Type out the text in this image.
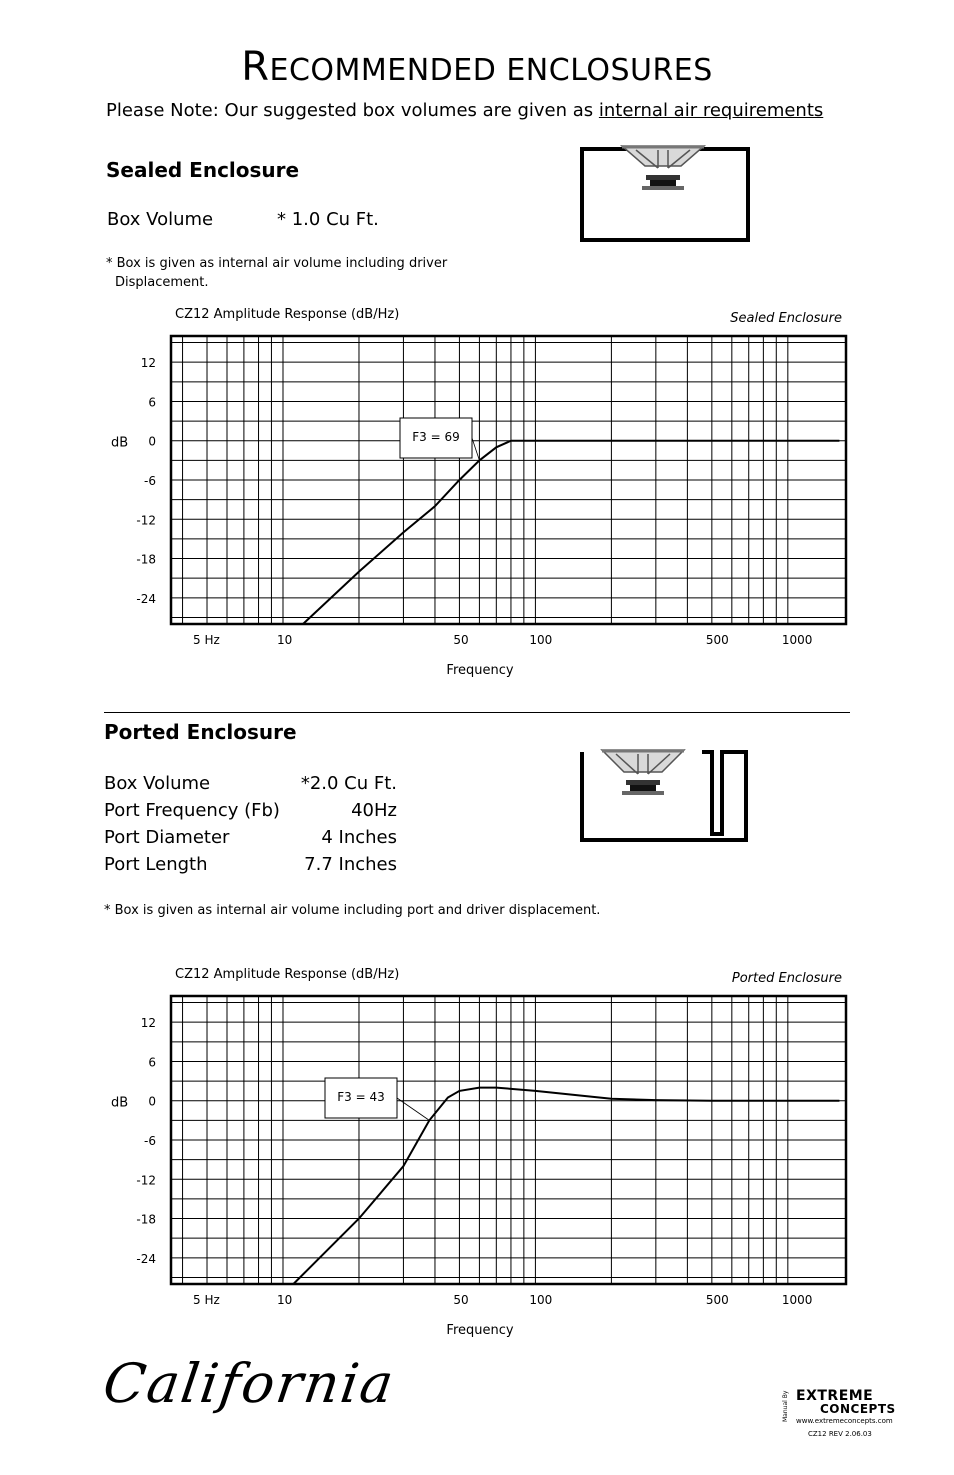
RECOMMENDED ENCLOSURES
Please Note: Our suggested box volumes are given as internal air requirements
Sealed Enclosure
Box Volume	* 1.0 Cu Ft.
* Box is given as internal air volume including driver
Displacement.
CZ12 Amplitude Response (dB/Hz)	Sealed Enclosure
12
6
0
-6
-12
-18
-24
dB
5 Hz	10	50	100	500	1000
Frequency
F3 = 69
Ported Enclosure
Box Volume	*2.0 Cu Ft.
Port Frequency (Fb)	40Hz
Port Diameter	4 Inches
Port Length	7.7 Inches
* Box is given as internal air volume including port and driver displacement.
CZ12 Amplitude Response (dB/Hz)	Ported Enclosure
12
6
0
-6
-12
-18
-24
dB
5 Hz	10	50	100	500	1000
Frequency
F3 = 43
California	Manual By EXTREME
CONCEPTS
www.extremeconcepts.com
CZ12 REV 2.06.03
